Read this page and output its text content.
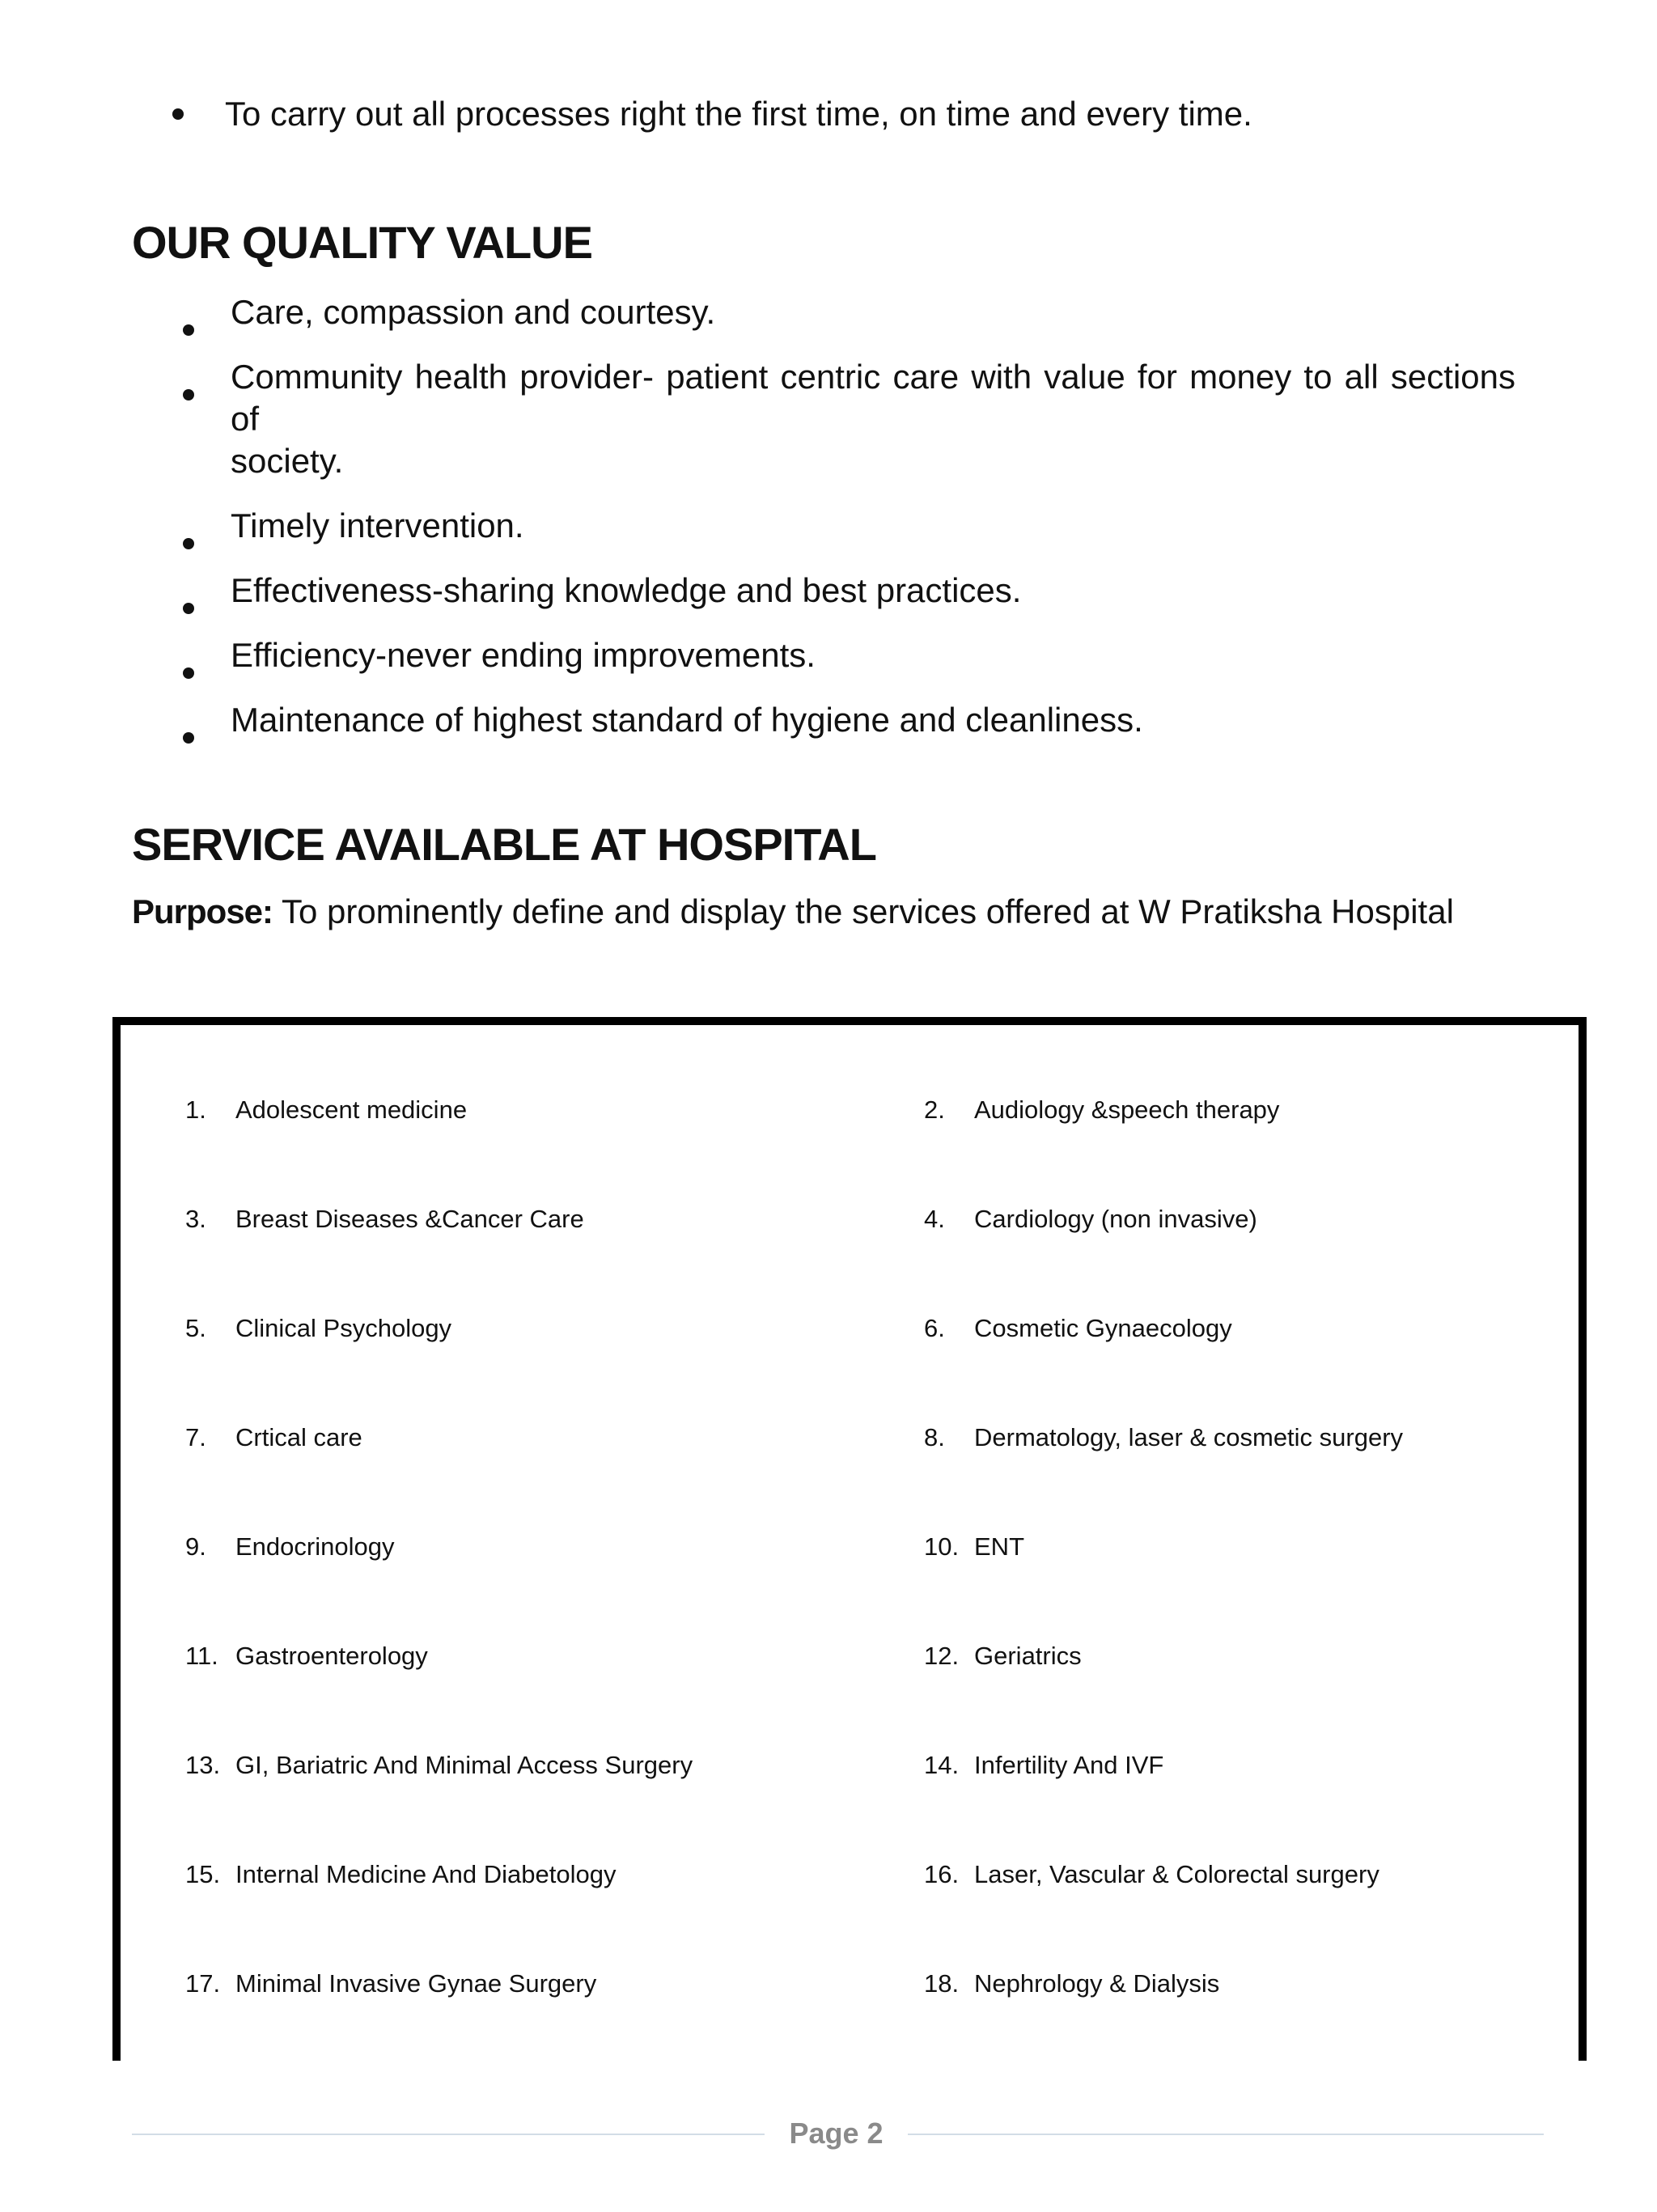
To carry out all processes right the first time, on time and every time.
OUR QUALITY VALUE
Care, compassion and courtesy.
Community health provider- patient centric care with value for money to all sections of
society.
Timely intervention.
Effectiveness-sharing knowledge and best practices.
Efficiency-never ending improvements.
Maintenance of highest standard of hygiene and cleanliness.
SERVICE AVAILABLE AT HOSPITAL
Purpose: To prominently define and display the services offered at W Pratiksha Hospital
1.	Adolescent medicine	2.	Audiology &speech therapy
3.	Breast Diseases &Cancer Care	4.	Cardiology (non invasive)
5.	Clinical Psychology	6.	Cosmetic Gynaecology
7.	Crtical care	8.	Dermatology, laser & cosmetic surgery
9.	Endocrinology	10. ENT
11. Gastroenterology	12. Geriatrics
13. GI, Bariatric And Minimal Access Surgery	14. Infertility And IVF
15. Internal Medicine And Diabetology	16. Laser, Vascular & Colorectal surgery
17. Minimal Invasive Gynae Surgery	18. Nephrology & Dialysis
Page 2
